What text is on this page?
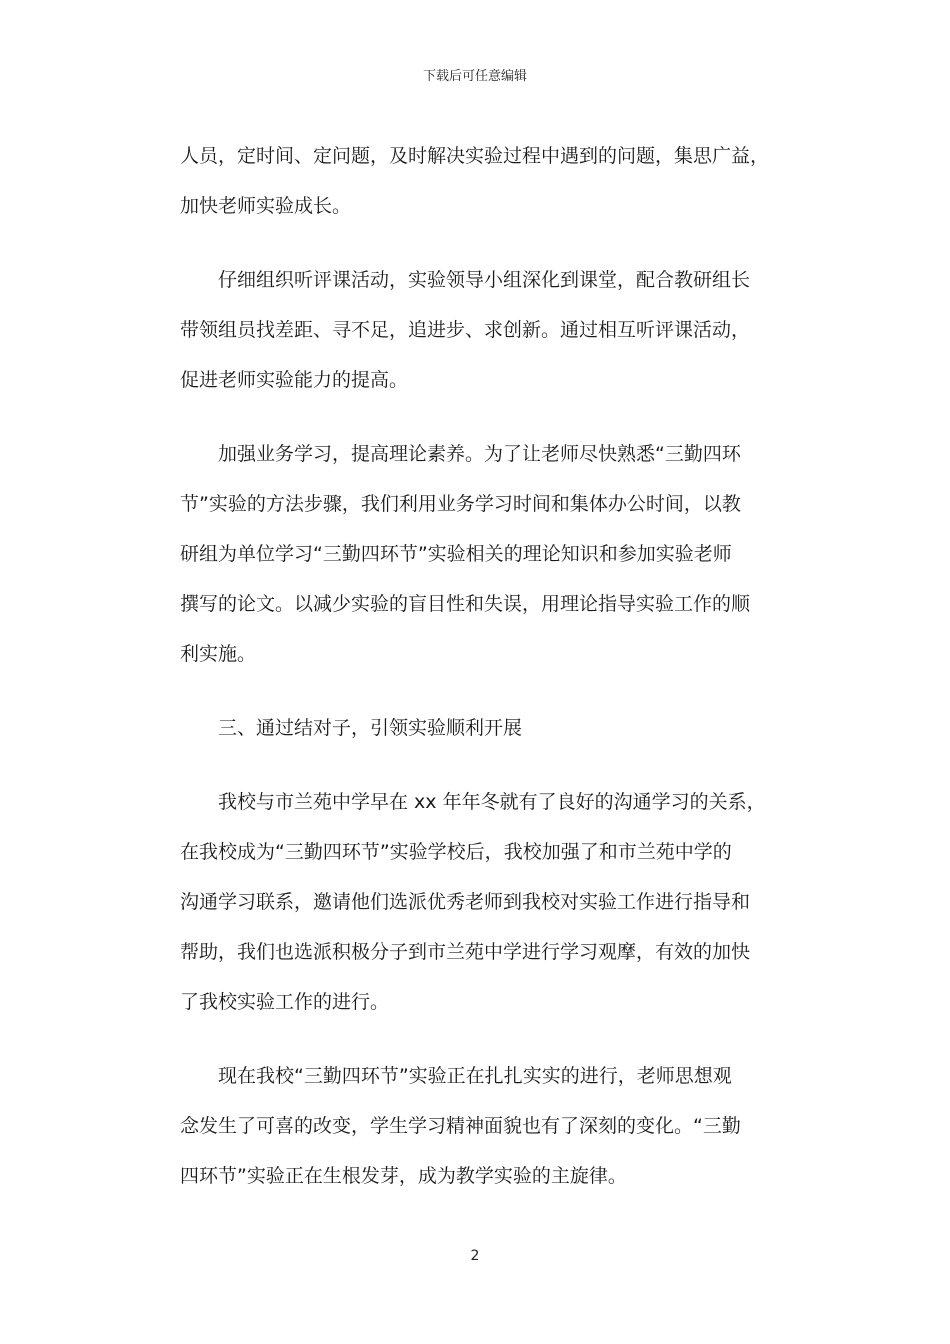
下载后可任意编辑
人员，定时间、定问题，及时解决实验过程中遇到的问题，集思广益，
加快老师实验成长。
　　仔细组织听评课活动，实验领导小组深化到课堂，配合教研组长
带领组员找差距、寻不足，追进步、求创新。通过相互听评课活动，
促进老师实验能力的提高。
　　加强业务学习，提高理论素养。为了让老师尽快熟悉“三勤四环
节”实验的方法步骤，我们利用业务学习时间和集体办公时间，以教
研组为单位学习“三勤四环节”实验相关的理论知识和参加实验老师
撰写的论文。以减少实验的盲目性和失误，用理论指导实验工作的顺
利实施。
　　三、通过结对子，引领实验顺利开展
　　我校与市兰苑中学早在 xx 年年冬就有了良好的沟通学习的关系，
在我校成为“三勤四环节”实验学校后，我校加强了和市兰苑中学的
沟通学习联系，邀请他们选派优秀老师到我校对实验工作进行指导和
帮助，我们也选派积极分子到市兰苑中学进行学习观摩，有效的加快
了我校实验工作的进行。
　　现在我校“三勤四环节”实验正在扎扎实实的进行，老师思想观
念发生了可喜的改变，学生学习精神面貌也有了深刻的变化。“三勤
四环节”实验正在生根发芽，成为教学实验的主旋律。
2
